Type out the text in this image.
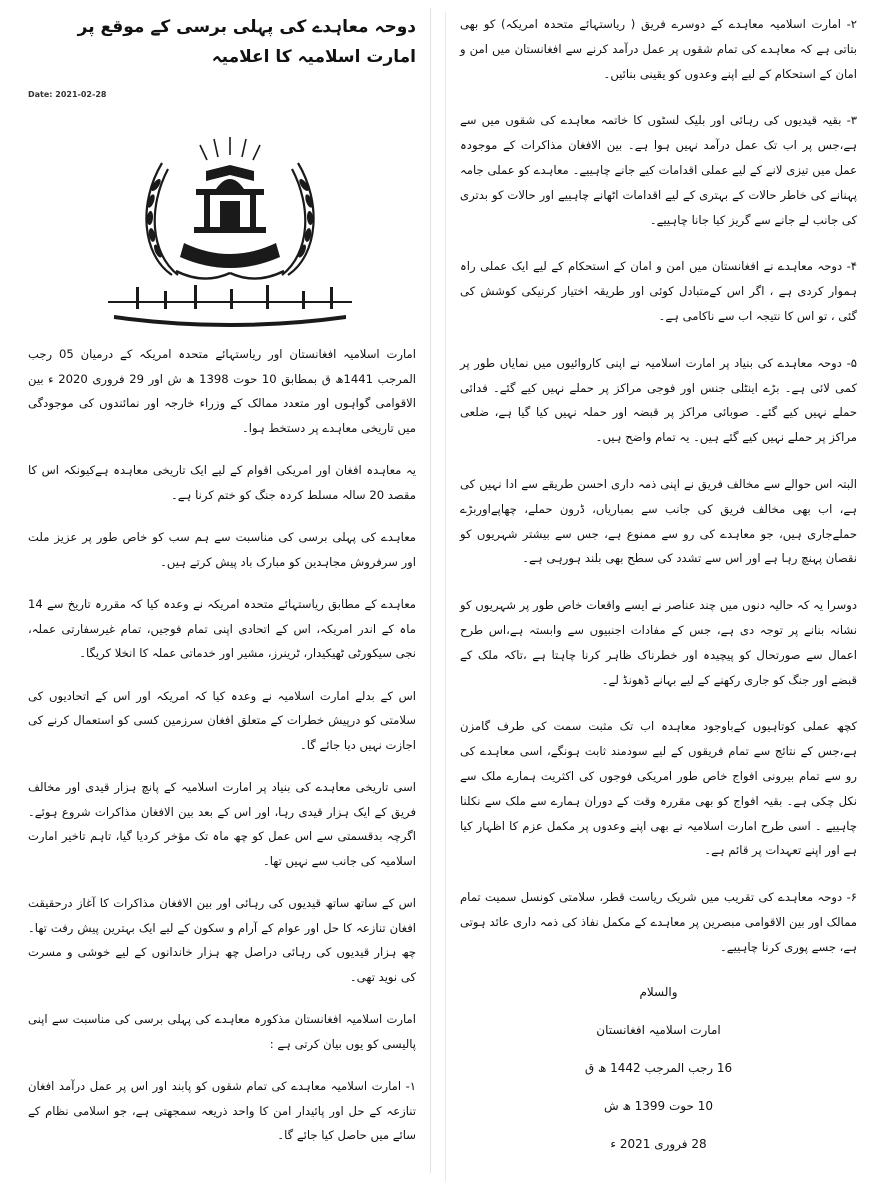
دوحہ معاہدے کی پہلی برسی کے موقع پر امارت اسلامیہ کا اعلامیہ
Date: 2021-02-28

امارت اسلامیہ افغانستان اور ریاستہائے متحدہ امریکہ کے درمیان 05 رجب المرجب 1441ھ ق بمطابق 10 حوت 1398 ھ ش اور 29 فروری 2020 ء بین الاقوامی گواہوں اور متعدد ممالک کے وزراء خارجہ اور نمائندوں کی موجودگی میں تاریخی معاہدے پر دستخط ہوا۔

یہ معاہدہ افغان اور امریکی اقوام کے لیے ایک تاریخی معاہدہ ہےکیونکہ اس کا مقصد 20 سالہ مسلط کردہ جنگ کو ختم کرنا ہے۔

معاہدے کی پہلی برسی کی مناسبت سے ہم سب کو خاص طور پر عزیز ملت اور سرفروش مجاہدین کو مبارک باد پیش کرتے ہیں۔

معاہدے کے مطابق ریاستہائے متحدہ امریکہ نے وعدہ کیا کہ مقررہ تاریخ سے 14 ماہ کے اندر امریکہ، اس کے اتحادی اپنی تمام فوجیں، تمام غیرسفارتی عملہ، نجی سیکورٹی ٹھیکیدار، ٹرینرز، مشیر اور خدماتی عملہ کا انخلا کریگا۔

اس کے بدلے امارت اسلامیہ نے وعدہ کیا کہ امریکہ اور اس کے اتحادیوں کی سلامتی کو درپیش خطرات کے متعلق افغان سرزمین کسی کو استعمال کرنے کی اجازت نہیں دیا جائے گا۔

اسی تاریخی معاہدے کی بنیاد پر امارت اسلامیہ کے پانچ ہزار قیدی اور مخالف فریق کے ایک ہزار قیدی رہا، اور اس کے بعد بین الافغان مذاکرات شروع ہوئے۔ اگرچہ بدقسمتی سے اس عمل کو چھ ماہ تک مؤخر کردیا گیا، تاہم تاخیر امارت اسلامیہ کی جانب سے نہیں تھا۔

اس کے ساتھ ساتھ قیدیوں کی رہائی اور بین الافغان مذاکرات کا آغاز درحقیقت افغان تنازعہ کا حل اور عوام کے آرام و سکون کے لیے ایک بہترین پیش رفت تھا۔ چھ ہزار قیدیوں کی رہائی دراصل چھ ہزار خاندانوں کے لیے خوشی و مسرت کی نوید تھی۔

امارت اسلامیہ افغانستان مذکورہ معاہدے کی پہلی برسی کی مناسبت سے اپنی پالیسی کو یوں بیان کرتی ہے :

۱- امارت اسلامیہ معاہدے کی تمام شقوں کو پابند اور اس پر عمل درآمد افغان تنازعہ کے حل اور پائیدار امن کا واحد ذریعہ سمجھتی ہے، جو اسلامی نظام کے سائے میں حاصل کیا جائے گا۔

۲- امارت اسلامیہ معاہدے کے دوسرے فریق ( ریاستہائے متحدہ امریکہ) کو بھی بتاتی ہے کہ معاہدے کی تمام شقوں پر عمل درآمد کرنے سے افغانستان میں امن و امان کے استحکام کے لیے اپنے وعدوں کو یقینی بنائیں۔

۳- بقیہ قیدیوں کی رہائی اور بلیک لسٹوں کا خاتمہ معاہدے کی شقوں میں سے ہے،جس پر اب تک عمل درآمد نہیں ہوا ہے۔ بین الافغان مذاکرات کے موجودہ عمل میں تیزی لانے کے لیے عملی اقدامات کیے جانے چاہییے۔ معاہدے کو عملی جامہ پہنانے کی خاطر حالات کے بہتری کے لیے اقدامات اٹھانے چاہییے اور حالات کو بدتری کی جانب لے جانے سے گریز کیا جانا چاہییے۔

۴- دوحہ معاہدے نے افغانستان میں امن و امان کے استحکام کے لیے ایک عملی راہ ہموار کردی ہے ، اگر اس کےمتبادل کوئی اور طریقہ اختیار کرنیکی کوشش کی گئی ، تو اس کا نتیجہ اب سے ناکامی ہے۔

۵- دوحہ معاہدے کی بنیاد پر امارت اسلامیہ نے اپنی کاروائیوں میں نمایاں طور پر کمی لائی ہے۔ بڑے اینٹلی جنس اور فوجی مراکز پر حملے نہیں کیے گئے۔ فدائی حملے نہیں کیے گئے۔ صوبائی مراکز پر قبضہ اور حملہ نہیں کیا گیا ہے، ضلعی مراکز پر حملے نہیں کیے گئے ہیں۔ یہ تمام واضح ہیں۔

البتہ اس حوالے سے مخالف فریق نے اپنی ذمہ داری احسن طریقے سے ادا نہیں کی ہے، اب بھی مخالف فریق کی جانب سے بمباریاں، ڈرون حملے، چھاپےاوربڑے حملےجاری ہیں، جو معاہدے کی رو سے ممنوع ہے، جس سے بیشتر شہریوں کو نقصان پہنچ رہا ہے اور اس سے تشدد کی سطح بھی بلند ہورہی ہے۔

دوسرا یہ کہ حالیہ دنوں میں چند عناصر نے ایسے واقعات خاص طور پر شہریوں کو نشانہ بنانے پر توجہ دی ہے، جس کے مفادات اجنبیوں سے وابستہ ہے،اس طرح اعمال سے صورتحال کو پیچیدہ اور خطرناک ظاہر کرنا چاہتا ہے ،تاکہ ملک کے قبضے اور جنگ کو جاری رکھنے کے لیے بہانے ڈھونڈ لے۔

کچھ عملی کوتاہیوں کےباوجود معاہدہ اب تک مثبت سمت کی طرف گامزن ہے،جس کے نتائج سے تمام فریقوں کے لیے سودمند ثابت ہونگے، اسی معاہدے کی رو سے تمام بیرونی افواج خاص طور امریکی فوجوں کی اکثریت ہمارے ملک سے نکل چکی ہے۔ بقیہ افواج کو بھی مقررہ وقت کے دوران ہمارے سے ملک سے نکلنا چاہییے ۔ اسی طرح امارت اسلامیہ نے بھی اپنے وعدوں پر مکمل عزم کا اظہار کیا ہے اور اپنے تعہدات پر قائم ہے۔

۶- دوحہ معاہدے کی تقریب میں شریک ریاست قطر، سلامتی کونسل سمیت تمام ممالک اور بین الاقوامی مبصرین پر معاہدے کے مکمل نفاذ کی ذمہ داری عائد ہوتی ہے، جسے پوری کرنا چاہییے۔

والسلام
امارت اسلامیہ افغانستان
16 رجب المرجب 1442 ھ ق
10 حوت 1399 ھ ش
28 فروری 2021 ء
